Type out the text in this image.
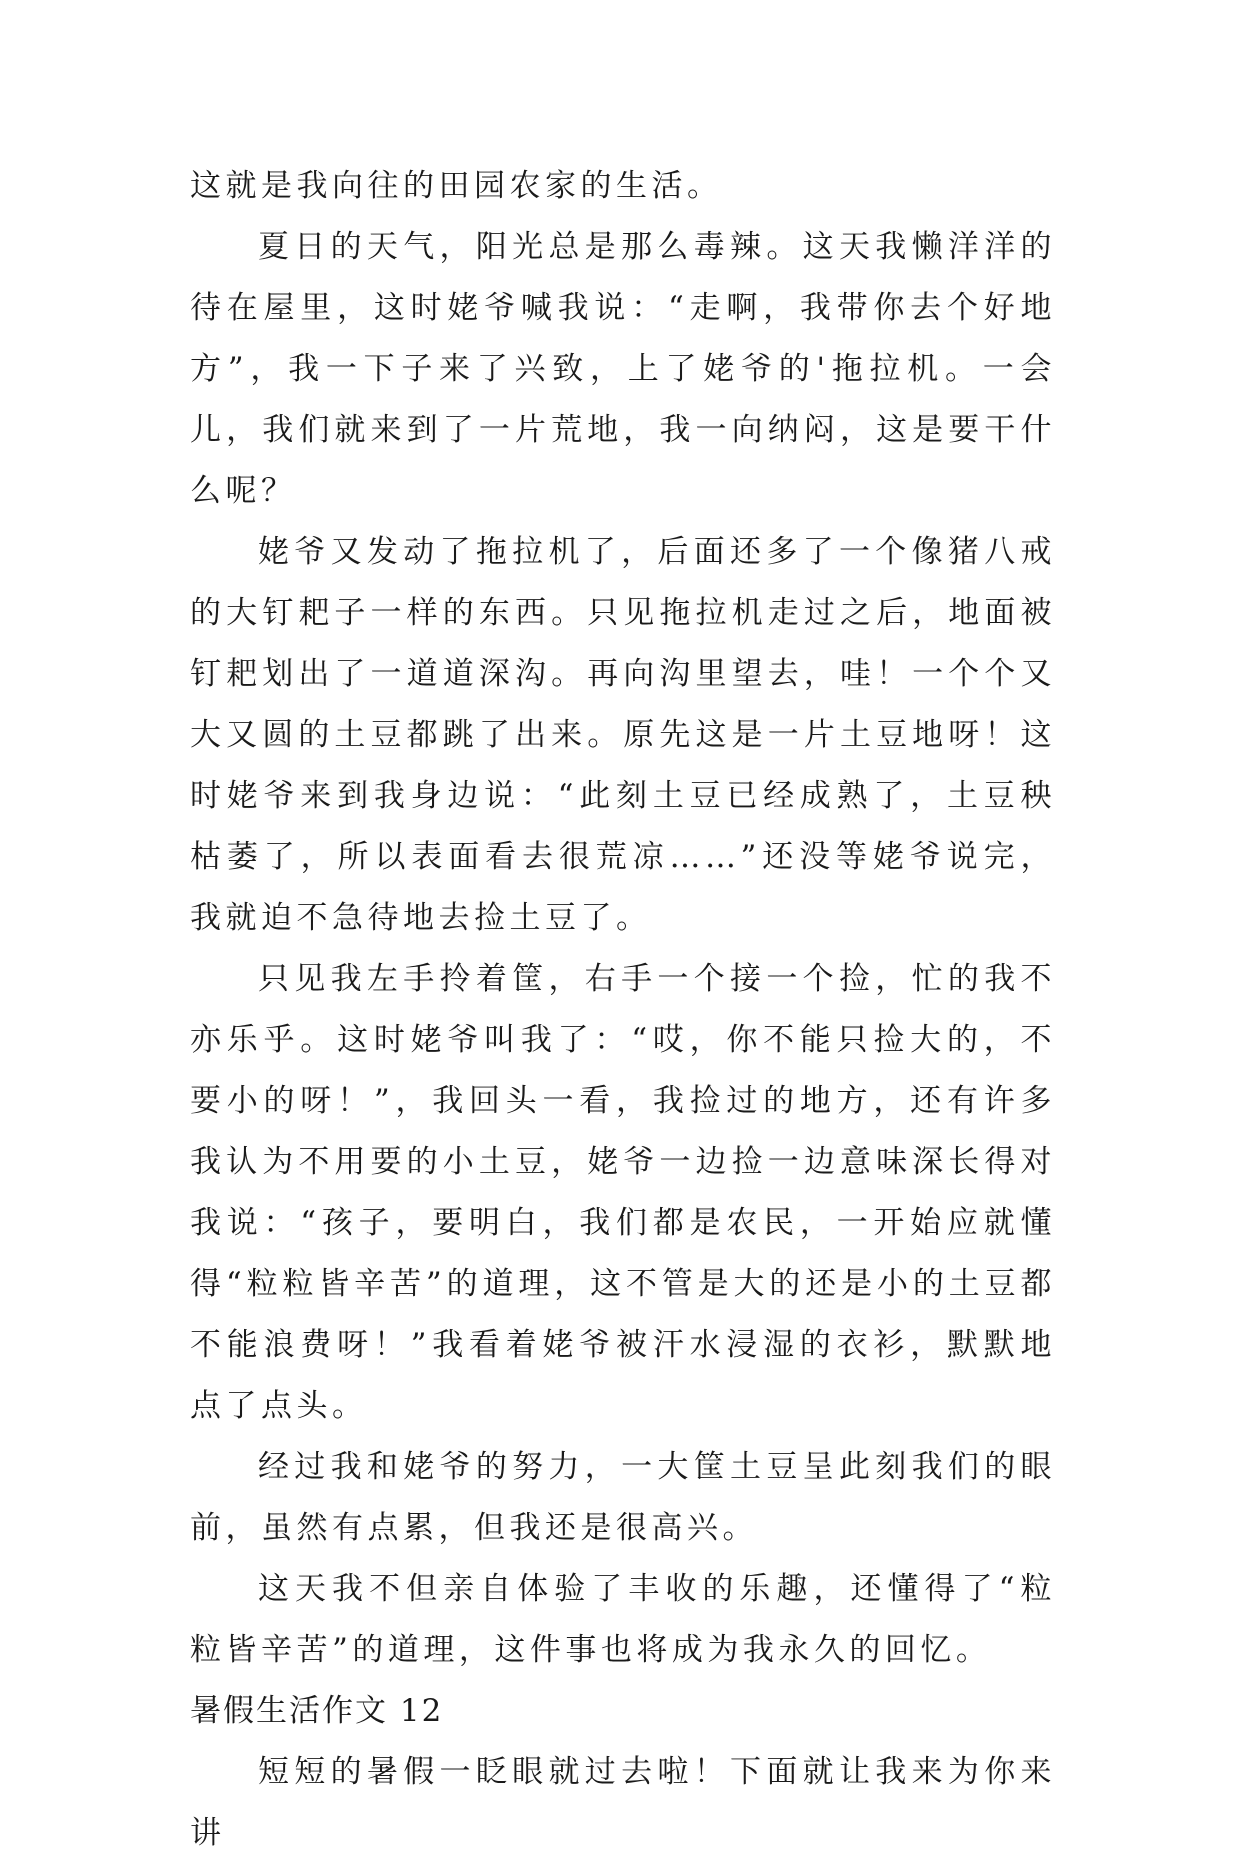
这就是我向往的田园农家的生活。

夏日的天气，阳光总是那么毒辣。这天我懒洋洋的待在屋里，这时姥爷喊我说：“走啊，我带你去个好地方”，我一下子来了兴致，上了姥爷的'拖拉机。一会儿，我们就来到了一片荒地，我一向纳闷，这是要干什么呢？

姥爷又发动了拖拉机了，后面还多了一个像猪八戒的大钉耙子一样的东西。只见拖拉机走过之后，地面被钉耙划出了一道道深沟。再向沟里望去，哇！一个个又大又圆的土豆都跳了出来。原先这是一片土豆地呀！这时姥爷来到我身边说：“此刻土豆已经成熟了，土豆秧枯萎了，所以表面看去很荒凉……”还没等姥爷说完，我就迫不急待地去捡土豆了。

只见我左手拎着筐，右手一个接一个捡，忙的我不亦乐乎。这时姥爷叫我了：“哎，你不能只捡大的，不要小的呀！”，我回头一看，我捡过的地方，还有许多我认为不用要的小土豆，姥爷一边捡一边意味深长得对我说：“孩子，要明白，我们都是农民，一开始应就懂得“粒粒皆辛苦”的道理，这不管是大的还是小的土豆都不能浪费呀！”我看着姥爷被汗水浸湿的衣衫，默默地点了点头。

经过我和姥爷的努力，一大筐土豆呈此刻我们的眼前，虽然有点累，但我还是很高兴。

这天我不但亲自体验了丰收的乐趣，还懂得了“粒粒皆辛苦”的道理，这件事也将成为我永久的回忆。

暑假生活作文 12

短短的暑假一眨眼就过去啦！下面就让我来为你来讲
